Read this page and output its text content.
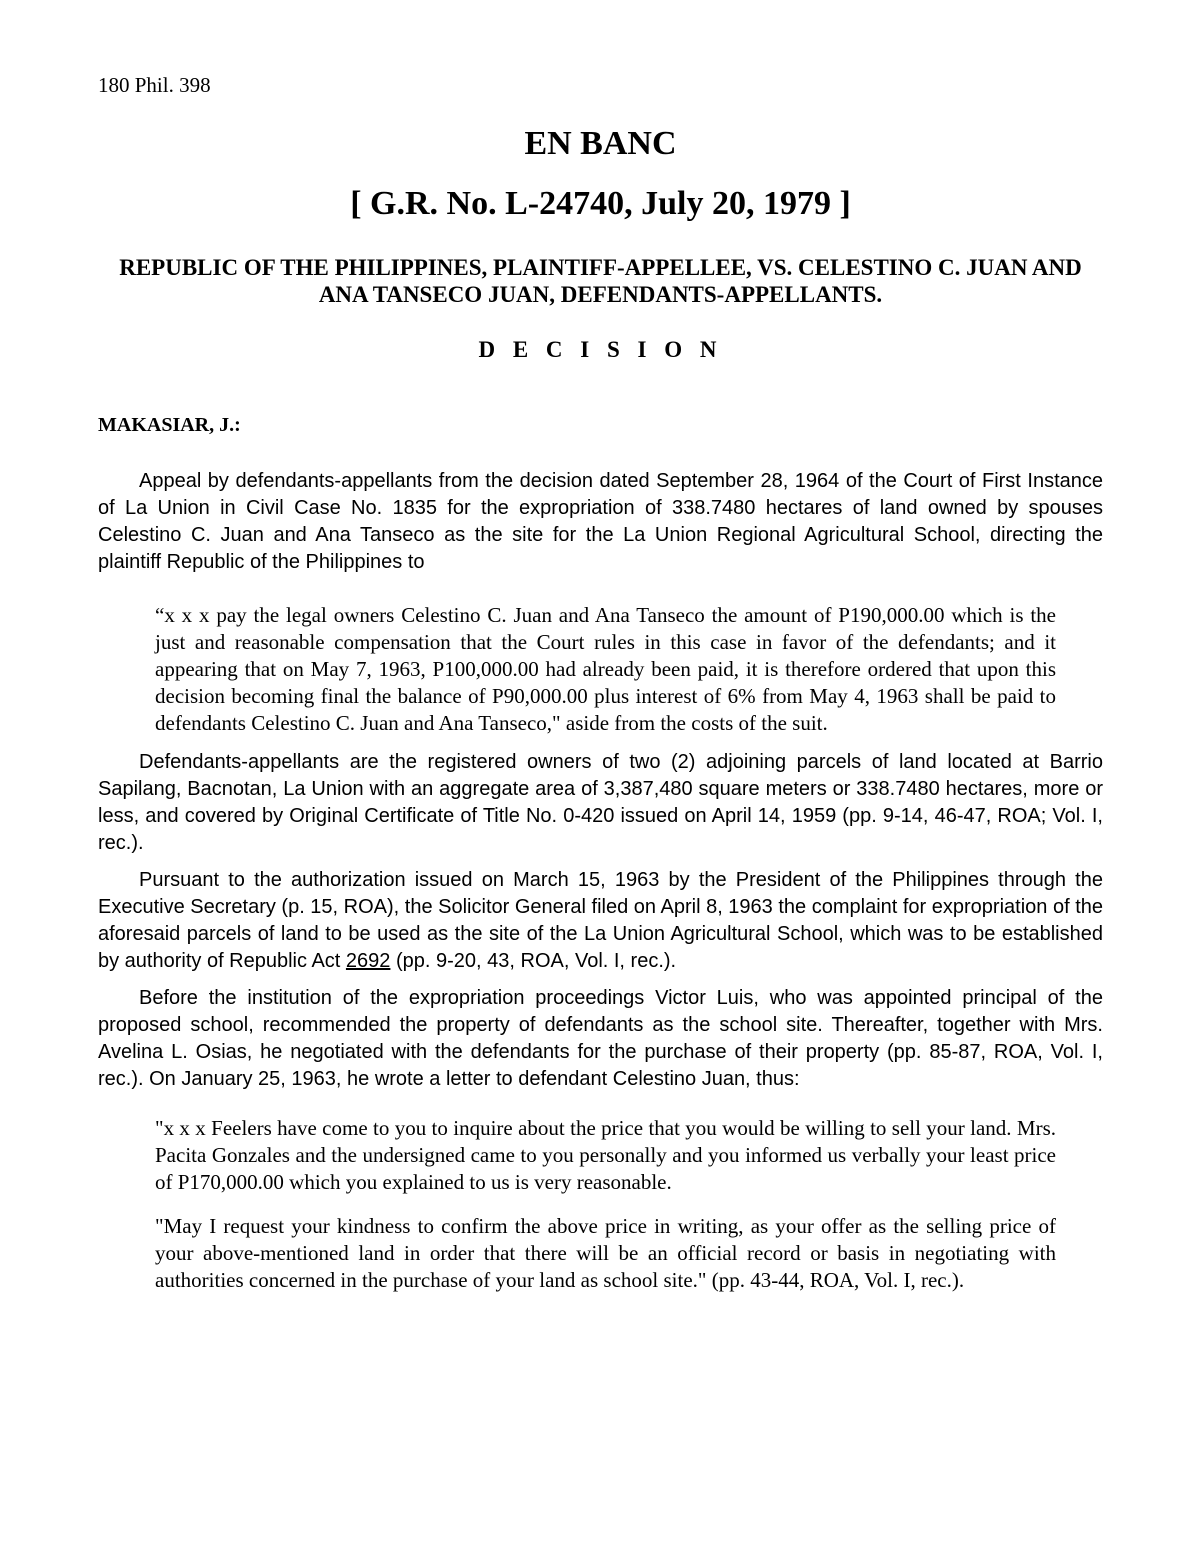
180 Phil. 398

EN BANC
[ G.R. No. L-24740, July 20, 1979 ]
REPUBLIC OF THE PHILIPPINES, PLAINTIFF-APPELLEE, VS. CELESTINO C. JUAN AND ANA TANSECO JUAN, DEFENDANTS-APPELLANTS.
D E C I S I O N
MAKASIAR, J.:

Appeal by defendants-appellants from the decision dated September 28, 1964 of the Court of First Instance of La Union in Civil Case No. 1835 for the expropriation of 338.7480 hectares of land owned by spouses Celestino C. Juan and Ana Tanseco as the site for the La Union Regional Agricultural School, directing the plaintiff Republic of the Philippines to

“x x x pay the legal owners Celestino C. Juan and Ana Tanseco the amount of P190,000.00 which is the just and reasonable compensation that the Court rules in this case in favor of the defendants; and it appearing that on May 7, 1963, P100,000.00 had already been paid, it is therefore ordered that upon this decision becoming final the balance of P90,000.00 plus interest of 6% from May 4, 1963 shall be paid to defendants Celestino C. Juan and Ana Tanseco," aside from the costs of the suit.

Defendants-appellants are the registered owners of two (2) adjoining parcels of land located at Barrio Sapilang, Bacnotan, La Union with an aggregate area of 3,387,480 square meters or 338.7480 hectares, more or less, and covered by Original Certificate of Title No. 0-420 issued on April 14, 1959 (pp. 9-14, 46-47, ROA; Vol. I, rec.).

Pursuant to the authorization issued on March 15, 1963 by the President of the Philippines through the Executive Secretary (p. 15, ROA), the Solicitor General filed on April 8, 1963 the complaint for expropriation of the aforesaid parcels of land to be used as the site of the La Union Agricultural School, which was to be established by authority of Republic Act 2692 (pp. 9-20, 43, ROA, Vol. I, rec.).

Before the institution of the expropriation proceedings Victor Luis, who was appointed principal of the proposed school, recommended the property of defendants as the school site. Thereafter, together with Mrs. Avelina L. Osias, he negotiated with the defendants for the purchase of their property (pp. 85-87, ROA, Vol. I, rec.). On January 25, 1963, he wrote a letter to defendant Celestino Juan, thus:

"x x x Feelers have come to you to inquire about the price that you would be willing to sell your land. Mrs. Pacita Gonzales and the undersigned came to you personally and you informed us verbally your least price of P170,000.00 which you explained to us is very reasonable.

"May I request your kindness to confirm the above price in writing, as your offer as the selling price of your above-mentioned land in order that there will be an official record or basis in negotiating with authorities concerned in the purchase of your land as school site." (pp. 43-44, ROA, Vol. I, rec.).
